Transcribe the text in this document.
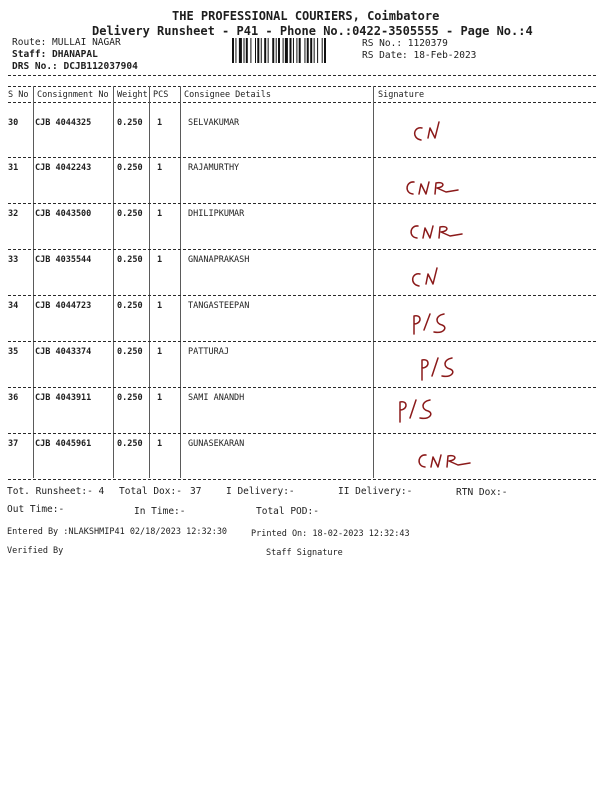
THE PROFESSIONAL COURIERS, Coimbatore
Delivery Runsheet - P41 - Phone No.:0422-3505555 - Page No.:4
Route: MULLAI NAGAR
Staff: DHANAPAL
DRS No.: DCJB112037904
RS No.: 1120379
RS Date: 18-Feb-2023
S No Consignment No Weight PCS Consignee Details	Signature
30 CJB 4044325	0.250 1	SELVAKUMAR
31 CJB 4042243	0.250 1	RAJAMURTHY
32 CJB 4043500	0.250 1	DHILIPKUMAR
33 CJB 4035544	0.250 1	GNANAPRAKASH
34 CJB 4044723	0.250 1	TANGASTEEPAN
35 CJB 4043374	0.250 1	PATTURAJ
36 CJB 4043911	0.250 1	SAMI ANANDH
37 CJB 4045961	0.250 1	GUNASEKARAN
Tot. Runsheet:- 4 Total Dox:- 37	I Delivery:-	II Delivery:-	RTN Dox:-
Out Time:-	In Time:-	Total POD:-
Entered By :NLAKSHMIP41 02/18/2023 12:32:30	Printed On: 18-02-2023 12:32:43
Verified By	Staff Signature
